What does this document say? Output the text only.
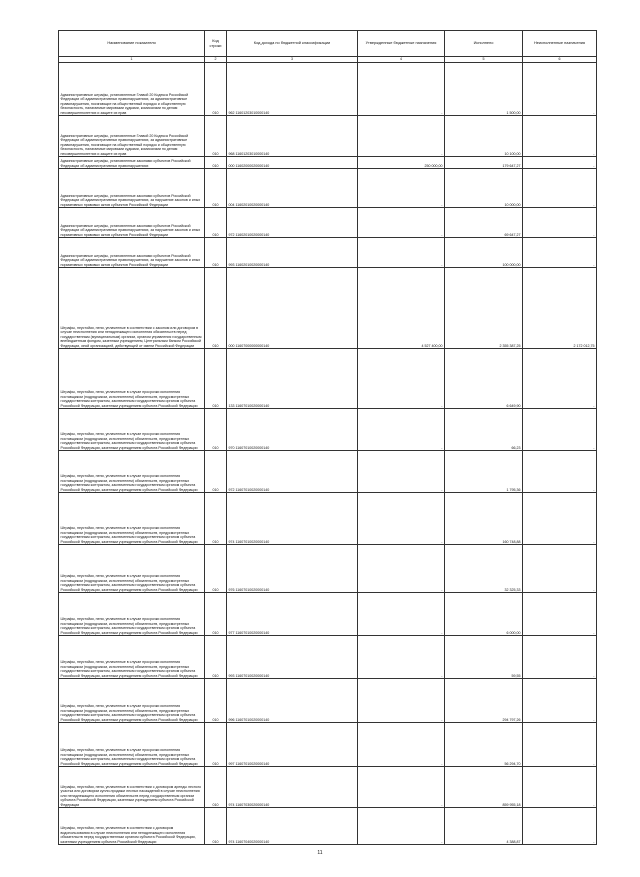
Наименование показателя	Код строки	Код дохода по бюджетной классификации	Утвержденные бюджетные назначения	Исполнено	Неисполненные назначения
1	2	3	4	5	6
Административные штрафы, установленные Главой 20 Кодекса Российской Федерации об административных правонарушениях, за административные правонарушения, посягающие на общественный порядок и общественную безопасность, налагаемые мировыми судьями, комиссиями по делам несовершеннолетних и защите их прав	010	962 11601203010000140	-	1 500,00	-
Административные штрафы, установленные Главой 20 Кодекса Российской Федерации об административных правонарушениях, за административные правонарушения, посягающие на общественный порядок и общественную безопасность, налагаемые мировыми судьями, комиссиями по делам несовершеннолетних и защите их прав	010	968 11601203010000140	-	10 100,00	-
Административные штрафы, установленные законами субъектов Российской Федерации об административных правонарушениях	010	000 11602000020000140	250 000,00	179 647,27	-
Административные штрафы, установленные законами субъектов Российской Федерации об административных правонарушениях, за нарушение законов и иных нормативных правовых актов субъектов Российской Федерации	010	004 11602010020000140	-	10 000,00	-
Административные штрафы, установленные законами субъектов Российской Федерации об административных правонарушениях, за нарушение законов и иных нормативных правовых актов субъектов Российской Федерации	010	972 11602010020000140	-	69 647,27	-
Административные штрафы, установленные законами субъектов Российской Федерации об административных правонарушениях, за нарушение законов и иных нормативных правовых актов субъектов Российской Федерации	010	993 11602010020000140	-	100 000,00	-
Штрафы, неустойки, пени, уплаченные в соответствии с законом или договором в случае неисполнения или ненадлежащего исполнения обязательств перед государственным (муниципальным) органом, органом управления государственным внебюджетным фондом, казенным учреждением, Центральным банком Российской Федерации, иной организацией, действующей от имени Российской Федерации	010	000 11607000000000140	4 527 400,00	2 355 387,25	2 172 012,75
Штрафы, неустойки, пени, уплаченные в случае просрочки исполнения поставщиком (подрядчиком, исполнителем) обязательств, предусмотренных государственным контрактом, заключенным государственным органом субъекта Российской Федерации, казенным учреждением субъекта Российской Федерации	010	133 11607010020000140	-	6 649,90	-
Штрафы, неустойки, пени, уплаченные в случае просрочки исполнения поставщиком (подрядчиком, исполнителем) обязательств, предусмотренных государственным контрактом, заключенным государственным органом субъекта Российской Федерации, казенным учреждением субъекта Российской Федерации	010	970 11607010020000140	-	66,23	-
Штрафы, неустойки, пени, уплаченные в случае просрочки исполнения поставщиком (подрядчиком, исполнителем) обязательств, предусмотренных государственным контрактом, заключенным государственным органом субъекта Российской Федерации, казенным учреждением субъекта Российской Федерации	010	972 11607010020000140	-	1 795,36	-
Штрафы, неустойки, пени, уплаченные в случае просрочки исполнения поставщиком (подрядчиком, исполнителем) обязательств, предусмотренных государственным контрактом, заключенным государственным органом субъекта Российской Федерации, казенным учреждением субъекта Российской Федерации	010	974 11607010020000140	-	160 748,88	-
Штрафы, неустойки, пени, уплаченные в случае просрочки исполнения поставщиком (подрядчиком, исполнителем) обязательств, предусмотренных государственным контрактом, заключенным государственным органом субъекта Российской Федерации, казенным учреждением субъекта Российской Федерации	010	976 11607010020000140	-	32 325,33	-
Штрафы, неустойки, пени, уплаченные в случае просрочки исполнения поставщиком (подрядчиком, исполнителем) обязательств, предусмотренных государственным контрактом, заключенным государственным органом субъекта Российской Федерации, казенным учреждением субъекта Российской Федерации	010	977 11607010020000140	-	6 000,00	-
Штрафы, неустойки, пени, уплаченные в случае просрочки исполнения поставщиком (подрядчиком, исполнителем) обязательств, предусмотренных государственным контрактом, заключенным государственным органом субъекта Российской Федерации, казенным учреждением субъекта Российской Федерации	010	993 11607010020000140	-	59,55	-
Штрафы, неустойки, пени, уплаченные в случае просрочки исполнения поставщиком (подрядчиком, исполнителем) обязательств, предусмотренных государственным контрактом, заключенным государственным органом субъекта Российской Федерации, казенным учреждением субъекта Российской Федерации	010	996 11607010020000140	-	294 797,26	-
Штрафы, неустойки, пени, уплаченные в случае просрочки исполнения поставщиком (подрядчиком, исполнителем) обязательств, предусмотренных государственным контрактом, заключенным государственным органом субъекта Российской Федерации, казенным учреждением субъекта Российской Федерации	010	997 11607010020000140	-	56 294,70	-
Штрафы, неустойки, пени, уплаченные в соответствии с договором аренды лесного участка или договором купли-продажи лесных насаждений в случае неисполнения или ненадлежащего исполнения обязательств перед государственным органом субъекта Российской Федерации, казенным учреждением субъекта Российской Федерации	010	974 11607030020000140	-	859 955,18	-
Штрафы, неустойки, пени, уплаченные в соответствии с договором водопользования в случае неисполнения или ненадлежащего исполнения обязательств перед государственным органом субъекта Российской Федерации, казенным учреждением субъекта Российской Федерации	010	974 11607040020000140	-	4 388,87	-
11
